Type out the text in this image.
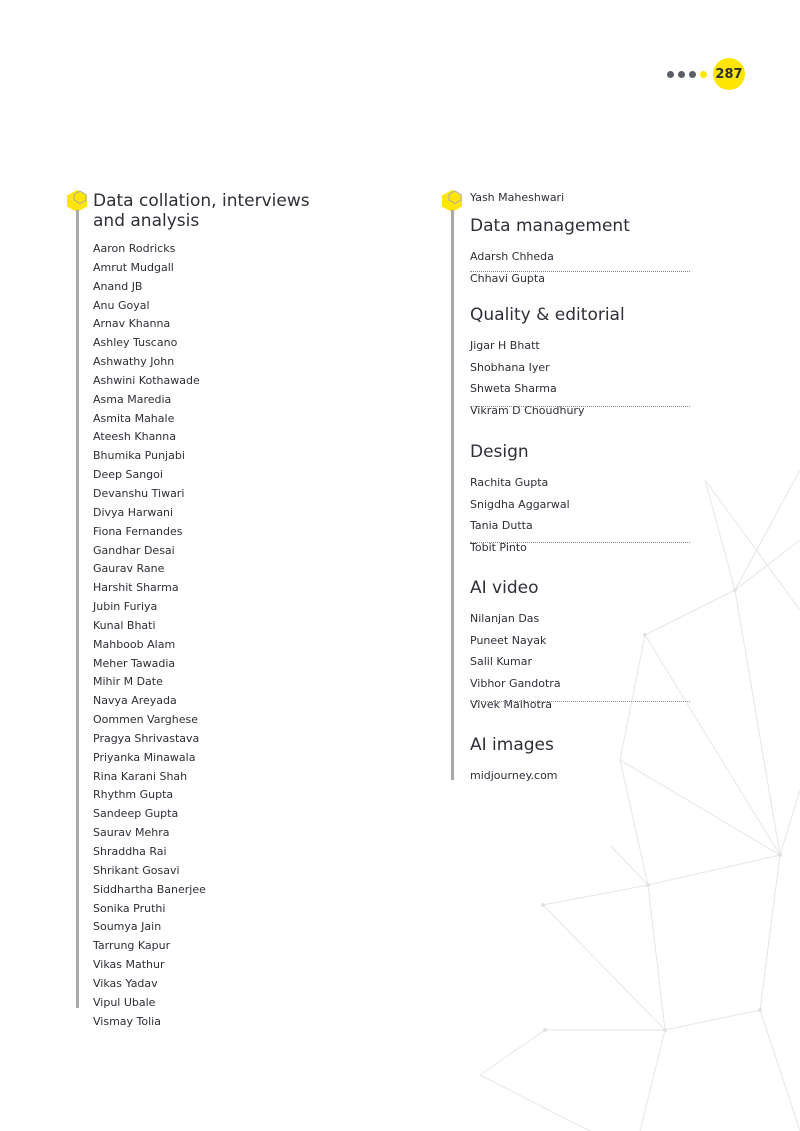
287
Data collation, interviews
and analysis
Aaron Rodricks
Amrut Mudgall
Anand JB
Anu Goyal
Arnav Khanna
Ashley Tuscano
Ashwathy John
Ashwini Kothawade
Asma Maredia
Asmita Mahale
Ateesh Khanna
Bhumika Punjabi
Deep Sangoi
Devanshu Tiwari
Divya Harwani
Fiona Fernandes
Gandhar Desai
Gaurav Rane
Harshit Sharma
Jubin Furiya
Kunal Bhati
Mahboob Alam
Meher Tawadia
Mihir M Date
Navya Areyada
Oommen Varghese
Pragya Shrivastava
Priyanka Minawala
Rina Karani Shah
Rhythm Gupta
Sandeep Gupta
Saurav Mehra
Shraddha Rai
Shrikant Gosavi
Siddhartha Banerjee
Sonika Pruthi
Soumya Jain
Tarrung Kapur
Vikas Mathur
Vikas Yadav
Vipul Ubale
Vismay Tolia
Yash Maheshwari
Data management
Adarsh Chheda
Chhavi Gupta
Quality & editorial
Jigar H Bhatt
Shobhana Iyer
Shweta Sharma
Vikram D Choudhury
Design
Rachita Gupta
Snigdha Aggarwal
Tania Dutta
Tobit Pinto
AI video
Nilanjan Das
Puneet Nayak
Salil Kumar
Vibhor Gandotra
Vivek Malhotra
AI images
midjourney.com
